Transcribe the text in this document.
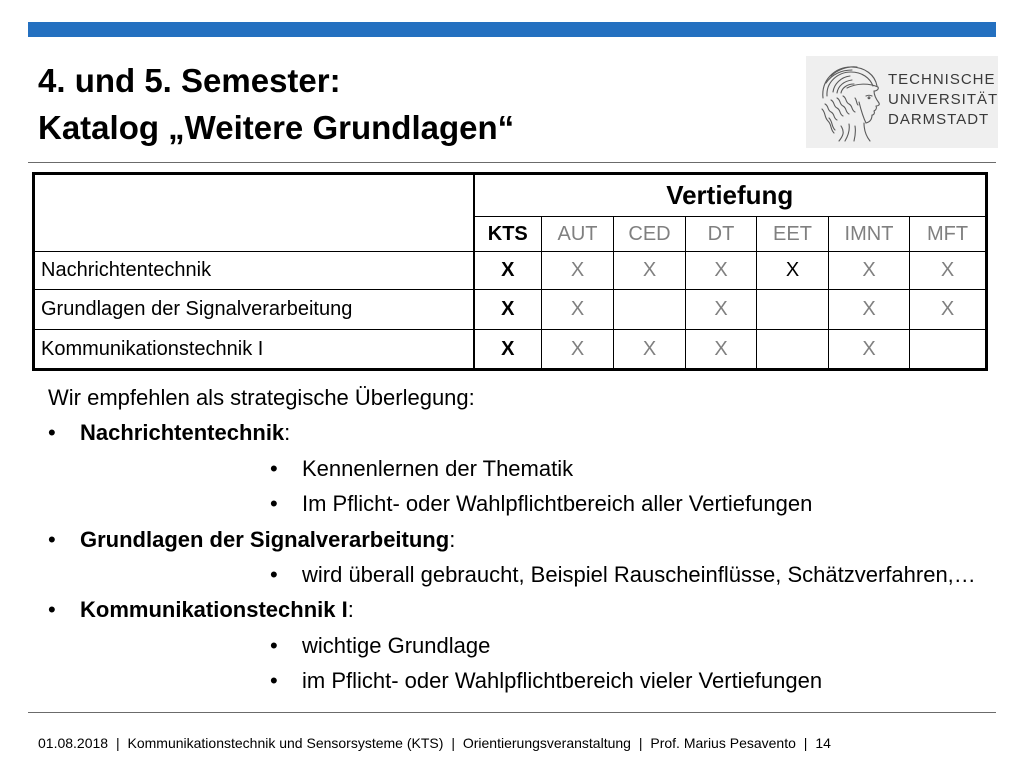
4. und 5. Semester:
Katalog „Weitere Grundlagen“
TECHNISCHE
UNIVERSITÄT
DARMSTADT
	Vertiefung						
	KTS	AUT	CED	DT	EET	IMNT	MFT
Nachrichtentechnik	X	X	X	X	X	X	X
Grundlagen der Signalverarbeitung	X	X		X		X	X
Kommunikationstechnik I	X	X	X	X		X	
Wir empfehlen als strategische Überlegung:
• Nachrichtentechnik:
• Kennenlernen der Thematik
• Im Pflicht- oder Wahlpflichtbereich aller Vertiefungen
• Grundlagen der Signalverarbeitung:
• wird überall gebraucht, Beispiel Rauscheinflüsse, Schätzverfahren,…
• Kommunikationstechnik I:
• wichtige Grundlage
• im Pflicht- oder Wahlpflichtbereich vieler Vertiefungen
01.08.2018 | Kommunikationstechnik und Sensorsysteme (KTS) | Orientierungsveranstaltung | Prof. Marius Pesavento | 14
